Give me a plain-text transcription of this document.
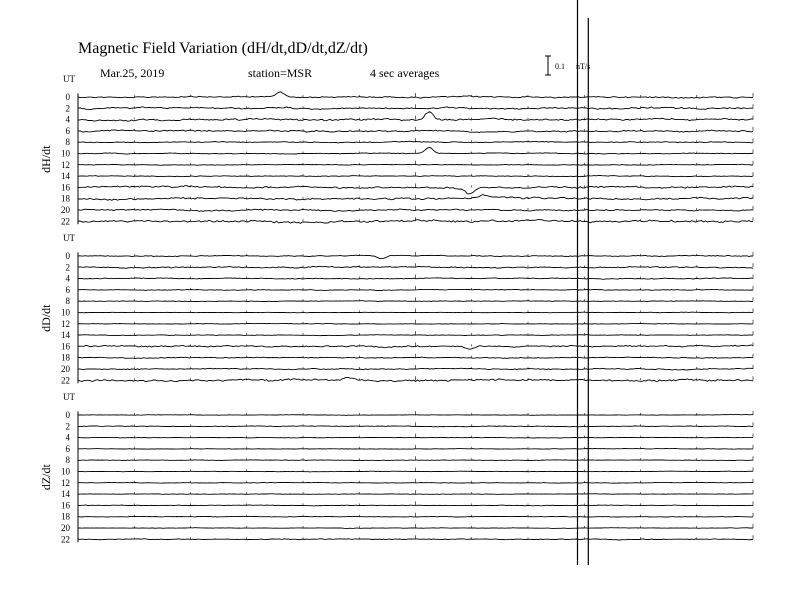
Magnetic Field Variation (dH/dt,dD/dt,dZ/dt)
Mar.25, 2019	station=MSR	4 sec averages	0.1 nT/s
UT
dH/dt
0
2
4
6
8
10
12
14
16
18
20
22
UT
dD/dt
0
2
4
6
8
10
12
14
16
18
20
22
UT
dZ/dt
0
2
4
6
8
10
12
14
16
18
20
22
